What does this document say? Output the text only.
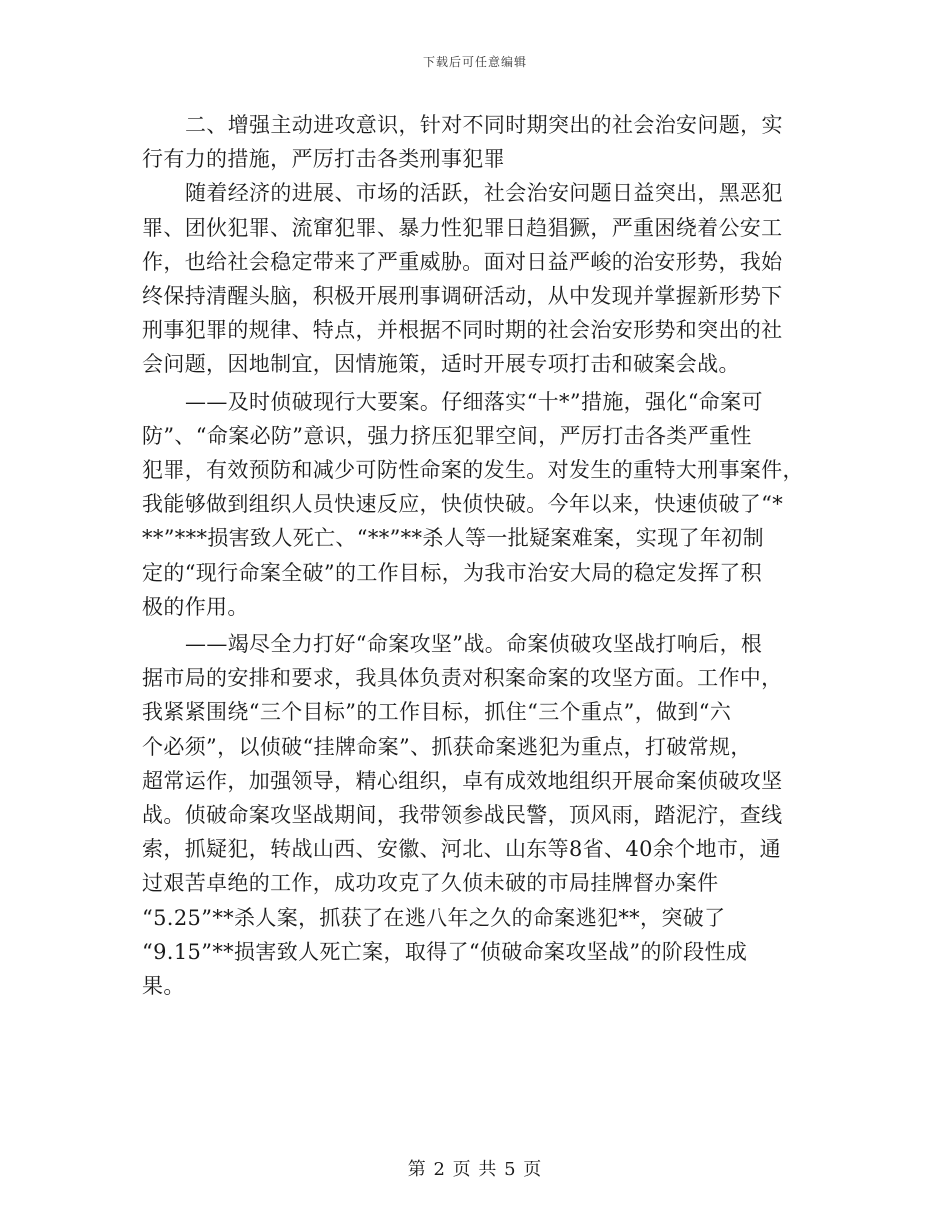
下载后可任意编辑
二、增强主动进攻意识，针对不同时期突出的社会治安问题，实
行有力的措施，严厉打击各类刑事犯罪
随着经济的进展、市场的活跃，社会治安问题日益突出，黑恶犯
罪、团伙犯罪、流窜犯罪、暴力性犯罪日趋猖獗，严重困绕着公安工
作，也给社会稳定带来了严重威胁。面对日益严峻的治安形势，我始
终保持清醒头脑，积极开展刑事调研活动，从中发现并掌握新形势下
刑事犯罪的规律、特点，并根据不同时期的社会治安形势和突出的社
会问题，因地制宜，因情施策，适时开展专项打击和破案会战。
——及时侦破现行大要案。仔细落实“十*”措施，强化“命案可
防”、“命案必防”意识，强力挤压犯罪空间，严厉打击各类严重性
犯罪，有效预防和减少可防性命案的发生。对发生的重特大刑事案件，
我能够做到组织人员快速反应，快侦快破。今年以来，快速侦破了“*
**”***损害致人死亡、“**”**杀人等一批疑案难案，实现了年初制
定的“现行命案全破”的工作目标，为我市治安大局的稳定发挥了积
极的作用。
——竭尽全力打好“命案攻坚”战。命案侦破攻坚战打响后，根
据市局的安排和要求，我具体负责对积案命案的攻坚方面。工作中，
我紧紧围绕“三个目标”的工作目标，抓住“三个重点”，做到“六
个必须”，以侦破“挂牌命案”、抓获命案逃犯为重点，打破常规，
超常运作，加强领导，精心组织，卓有成效地组织开展命案侦破攻坚
战。侦破命案攻坚战期间，我带领参战民警，顶风雨，踏泥泞，查线
索，抓疑犯，转战山西、安徽、河北、山东等8省、40余个地市，通
过艰苦卓绝的工作，成功攻克了久侦未破的市局挂牌督办案件
“5.25”**杀人案，抓获了在逃八年之久的命案逃犯**，突破了
“9.15”**损害致人死亡案，取得了“侦破命案攻坚战”的阶段性成
果。
第 2 页 共 5 页
